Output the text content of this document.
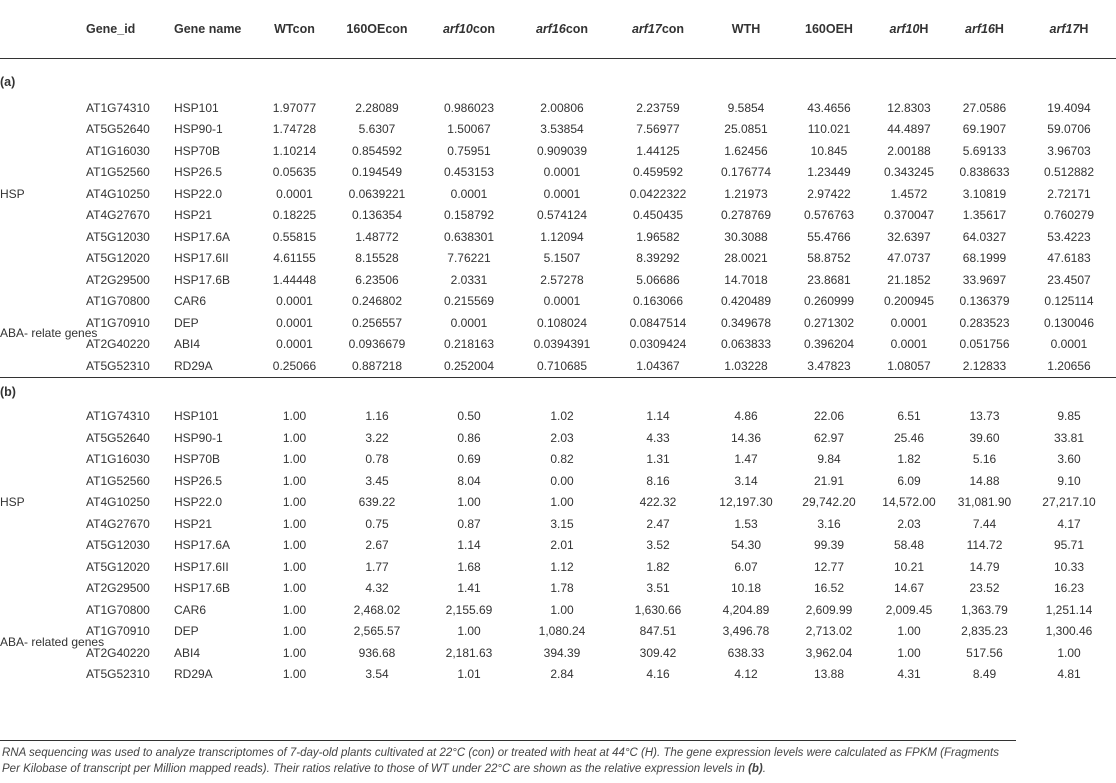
	Gene_id	Gene name	WTcon	160OEcon	arf10con	arf16con	arf17con	WTH	160OEH	arf10H	arf16H	arf17H
(a)												
HSP	AT1G74310	HSP101	1.97077	2.28089	0.986023	2.00806	2.23759	9.5854	43.4656	12.8303	27.0586	19.4094
	AT5G52640	HSP90-1	1.74728	5.6307	1.50067	3.53854	7.56977	25.0851	110.021	44.4897	69.1907	59.0706
	AT1G16030	HSP70B	1.10214	0.854592	0.75951	0.909039	1.44125	1.62456	10.845	2.00188	5.69133	3.96703
	AT1G52560	HSP26.5	0.05635	0.194549	0.453153	0.0001	0.459592	0.176774	1.23449	0.343245	0.838633	0.512882
	AT4G10250	HSP22.0	0.0001	0.0639221	0.0001	0.0001	0.0422322	1.21973	2.97422	1.4572	3.10819	2.72171
	AT4G27670	HSP21	0.18225	0.136354	0.158792	0.574124	0.450435	0.278769	0.576763	0.370047	1.35617	0.760279
	AT5G12030	HSP17.6A	0.55815	1.48772	0.638301	1.12094	1.96582	30.3088	55.4766	32.6397	64.0327	53.4223
	AT5G12020	HSP17.6II	4.61155	8.15528	7.76221	5.1507	8.39292	28.0021	58.8752	47.0737	68.1999	47.6183
	AT2G29500	HSP17.6B	1.44448	6.23506	2.0331	2.57278	5.06686	14.7018	23.8681	21.1852	33.9697	23.4507
ABA- relate genes	AT1G70800	CAR6	0.0001	0.246802	0.215569	0.0001	0.163066	0.420489	0.260999	0.200945	0.136379	0.125114
	AT1G70910	DEP	0.0001	0.256557	0.0001	0.108024	0.0847514	0.349678	0.271302	0.0001	0.283523	0.130046
	AT2G40220	ABI4	0.0001	0.0936679	0.218163	0.0394391	0.0309424	0.063833	0.396204	0.0001	0.051756	0.0001
	AT5G52310	RD29A	0.25066	0.887218	0.252004	0.710685	1.04367	1.03228	3.47823	1.08057	2.12833	1.20656
(b)												
HSP	AT1G74310	HSP101	1.00	1.16	0.50	1.02	1.14	4.86	22.06	6.51	13.73	9.85
	AT5G52640	HSP90-1	1.00	3.22	0.86	2.03	4.33	14.36	62.97	25.46	39.60	33.81
	AT1G16030	HSP70B	1.00	0.78	0.69	0.82	1.31	1.47	9.84	1.82	5.16	3.60
	AT1G52560	HSP26.5	1.00	3.45	8.04	0.00	8.16	3.14	21.91	6.09	14.88	9.10
	AT4G10250	HSP22.0	1.00	639.22	1.00	1.00	422.32	12,197.30	29,742.20	14,572.00	31,081.90	27,217.10
	AT4G27670	HSP21	1.00	0.75	0.87	3.15	2.47	1.53	3.16	2.03	7.44	4.17
	AT5G12030	HSP17.6A	1.00	2.67	1.14	2.01	3.52	54.30	99.39	58.48	114.72	95.71
	AT5G12020	HSP17.6II	1.00	1.77	1.68	1.12	1.82	6.07	12.77	10.21	14.79	10.33
	AT2G29500	HSP17.6B	1.00	4.32	1.41	1.78	3.51	10.18	16.52	14.67	23.52	16.23
ABA- related genes	AT1G70800	CAR6	1.00	2,468.02	2,155.69	1.00	1,630.66	4,204.89	2,609.99	2,009.45	1,363.79	1,251.14
	AT1G70910	DEP	1.00	2,565.57	1.00	1,080.24	847.51	3,496.78	2,713.02	1.00	2,835.23	1,300.46
	AT2G40220	ABI4	1.00	936.68	2,181.63	394.39	309.42	638.33	3,962.04	1.00	517.56	1.00
	AT5G52310	RD29A	1.00	3.54	1.01	2.84	4.16	4.12	13.88	4.31	8.49	4.81
RNA sequencing was used to analyze transcriptomes of 7-day-old plants cultivated at 22°C (con) or treated with heat at 44°C (H). The gene expression levels were calculated as FPKM (Fragments Per Kilobase of transcript per Million mapped reads). Their ratios relative to those of WT under 22°C are shown as the relative expression levels in (b).
